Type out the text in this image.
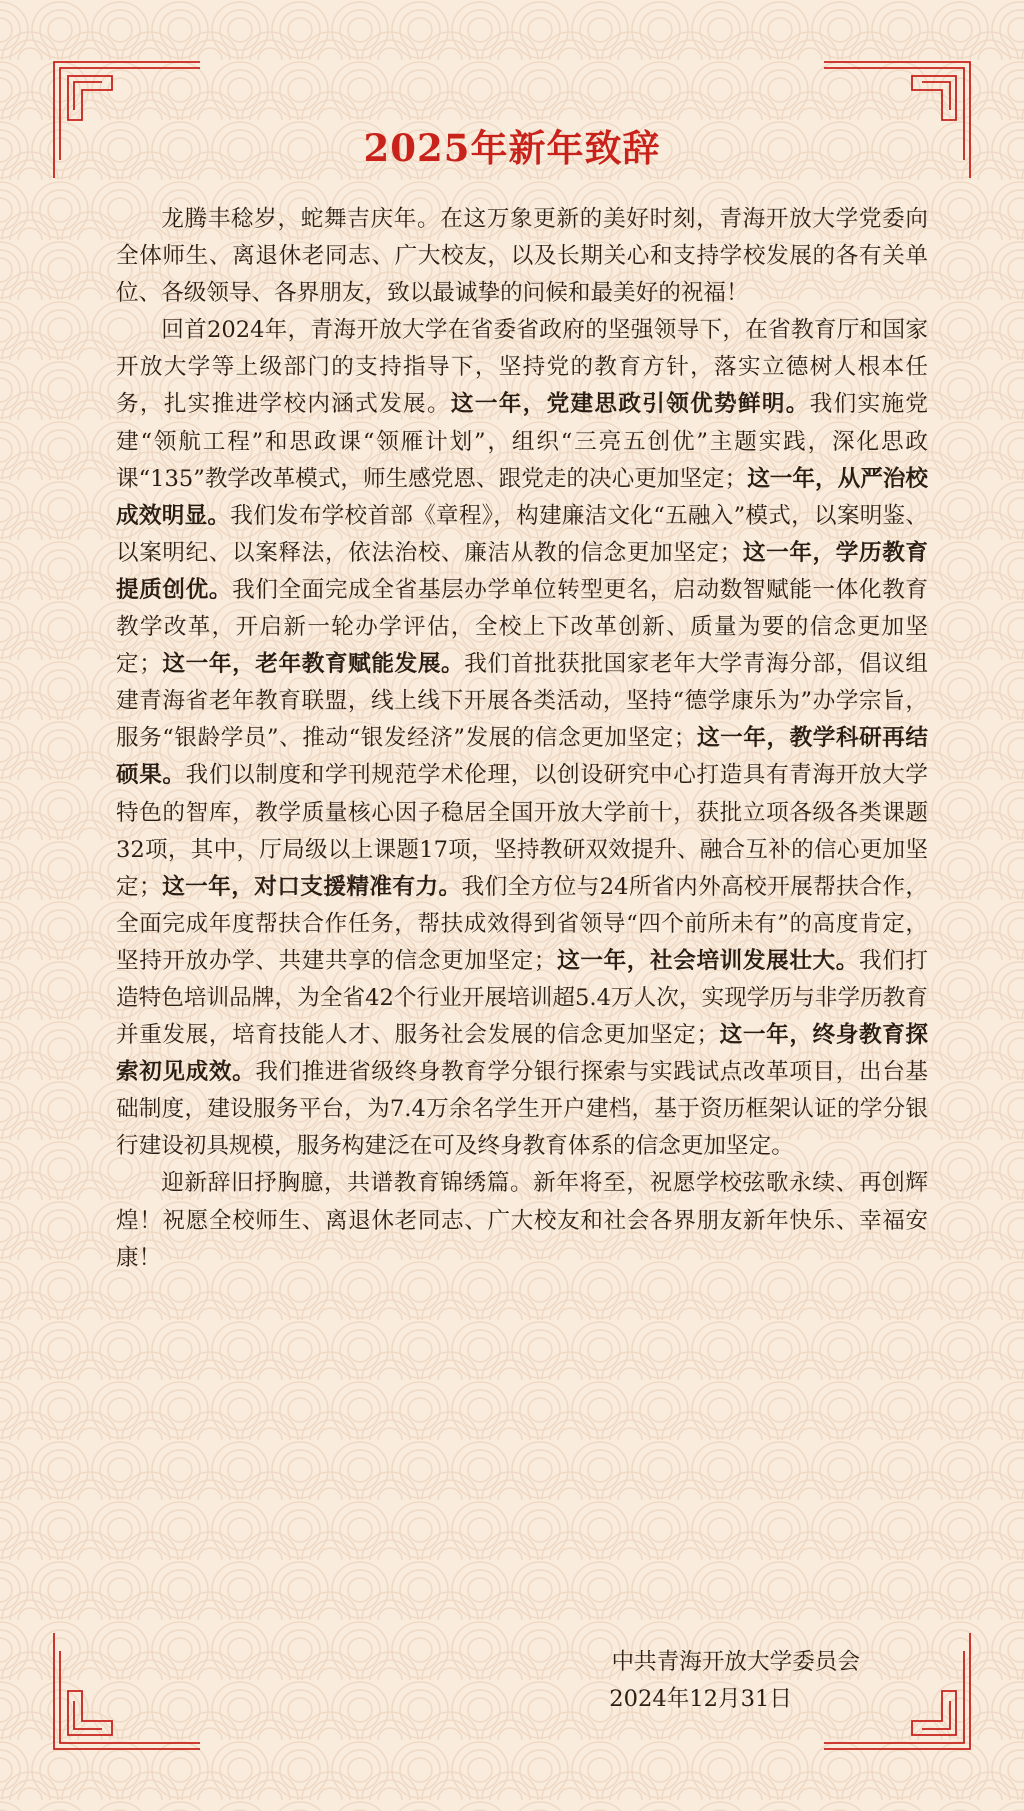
2025年新年致辞

龙腾丰稔岁，蛇舞吉庆年。在这万象更新的美好时刻，青海开放大学党委向全体师生、离退休老同志、广大校友，以及长期关心和支持学校发展的各有关单位、各级领导、各界朋友，致以最诚挚的问候和最美好的祝福！

回首2024年，青海开放大学在省委省政府的坚强领导下，在省教育厅和国家开放大学等上级部门的支持指导下，坚持党的教育方针，落实立德树人根本任务，扎实推进学校内涵式发展。这一年，党建思政引领优势鲜明。我们实施党建“领航工程”和思政课“领雁计划”，组织“三亮五创优”主题实践，深化思政课“135”教学改革模式，师生感党恩、跟党走的决心更加坚定；这一年，从严治校成效明显。我们发布学校首部《章程》，构建廉洁文化“五融入”模式，以案明鉴、以案明纪、以案释法，依法治校、廉洁从教的信念更加坚定；这一年，学历教育提质创优。我们全面完成全省基层办学单位转型更名，启动数智赋能一体化教育教学改革，开启新一轮办学评估，全校上下改革创新、质量为要的信念更加坚定；这一年，老年教育赋能发展。我们首批获批国家老年大学青海分部，倡议组建青海省老年教育联盟，线上线下开展各类活动，坚持“德学康乐为”办学宗旨，服务“银龄学员”、推动“银发经济”发展的信念更加坚定；这一年，教学科研再结硕果。我们以制度和学刊规范学术伦理，以创设研究中心打造具有青海开放大学特色的智库，教学质量核心因子稳居全国开放大学前十，获批立项各级各类课题32项，其中，厅局级以上课题17项，坚持教研双效提升、融合互补的信心更加坚定；这一年，对口支援精准有力。我们全方位与24所省内外高校开展帮扶合作，全面完成年度帮扶合作任务，帮扶成效得到省领导“四个前所未有”的高度肯定，坚持开放办学、共建共享的信念更加坚定；这一年，社会培训发展壮大。我们打造特色培训品牌，为全省42个行业开展培训超5.4万人次，实现学历与非学历教育并重发展，培育技能人才、服务社会发展的信念更加坚定；这一年，终身教育探索初见成效。我们推进省级终身教育学分银行探索与实践试点改革项目，出台基础制度，建设服务平台，为7.4万余名学生开户建档，基于资历框架认证的学分银行建设初具规模，服务构建泛在可及终身教育体系的信念更加坚定。

迎新辞旧抒胸臆，共谱教育锦绣篇。新年将至，祝愿学校弦歌永续、再创辉煌！祝愿全校师生、离退休老同志、广大校友和社会各界朋友新年快乐、幸福安康！

中共青海开放大学委员会
2024年12月31日
